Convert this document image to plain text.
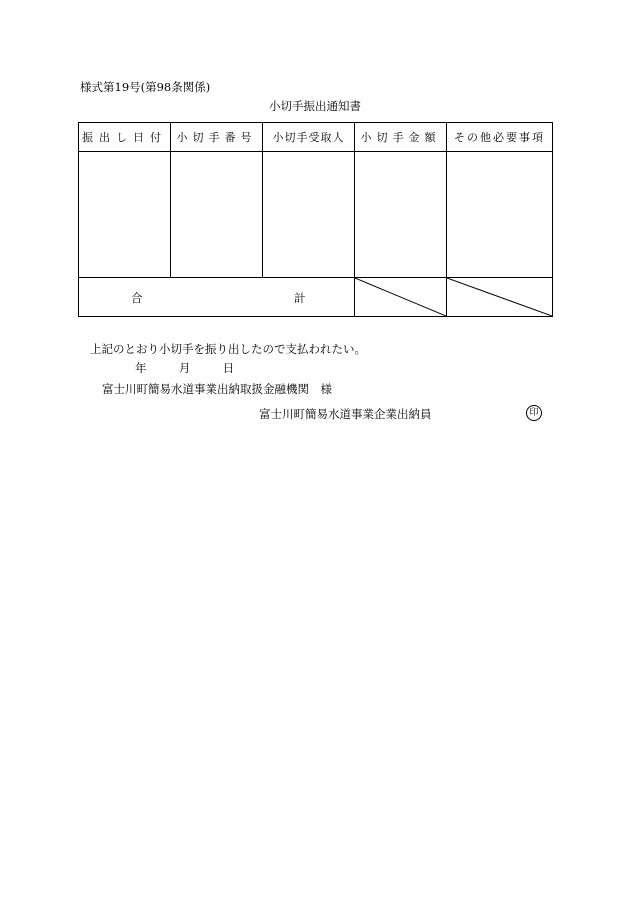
様式第19号(第98条関係)
小切手振出通知書
振出し日付	小切手番号	小切手受取人	小切手金額	その他必要事項

合 計

上記のとおり小切手を振り出したので支払われたい。
年	月	日
富士川町簡易水道事業出納取扱金融機関　様
富士川町簡易水道事業企業出納員	印
